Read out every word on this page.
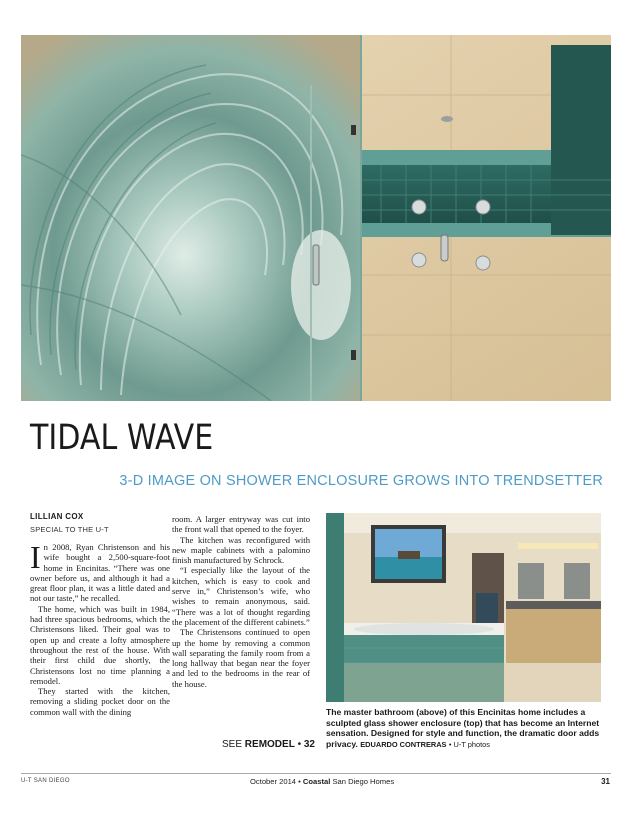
TIDAL WAVE
3-D IMAGE ON SHOWER ENCLOSURE GROWS INTO TRENDSETTER
LILLIAN COX
SPECIAL TO THE U-T

In 2008, Ryan Christenson and his wife bought a 2,500-square-foot home in Encinitas. “There was one owner before us, and although it had a great floor plan, it was a little dated and not our taste,” he recalled.

The home, which was built in 1984, had three spacious bedrooms, which the Christensons liked. Their goal was to open up and create a lofty atmosphere throughout the rest of the house. With their first child due shortly, the Christensons lost no time planning a remodel.

They started with the kitchen, removing a sliding pocket door on the common wall with the dining

room. A larger entryway was cut into the front wall that opened to the foyer.

The kitchen was reconfigured with new maple cabinets with a palomino finish manufactured by Schrock.

“I especially like the layout of the kitchen, which is easy to cook and serve in,” Christenson’s wife, who wishes to remain anonymous, said. “There was a lot of thought regarding the placement of the different cabinets.”

The Christensons continued to open up the home by removing a common wall separating the family room from a long hallway that began near the foyer and led to the bedrooms in the rear of the house.

SEE REMODEL • 32
The master bathroom (above) of this Encinitas home includes a sculpted glass shower enclosure (top) that has become an Internet sensation. Designed for style and function, the dramatic door adds privacy. EDUARDO CONTRERAS • U-T photos
U-T SAN DIEGO	October 2014 • Coastal San Diego Homes	31
